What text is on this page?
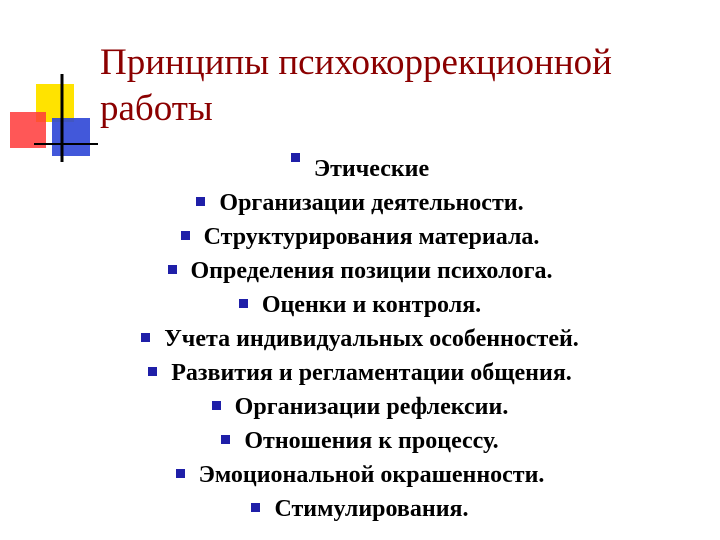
Принципы психокоррекционной
работы
Этические
Организации деятельности.
Структурирования материала.
Определения позиции психолога.
Оценки и контроля.
Учета индивидуальных особенностей.
Развития и регламентации общения.
Организации рефлексии.
Отношения к процессу.
Эмоциональной окрашенности.
Стимулирования.
